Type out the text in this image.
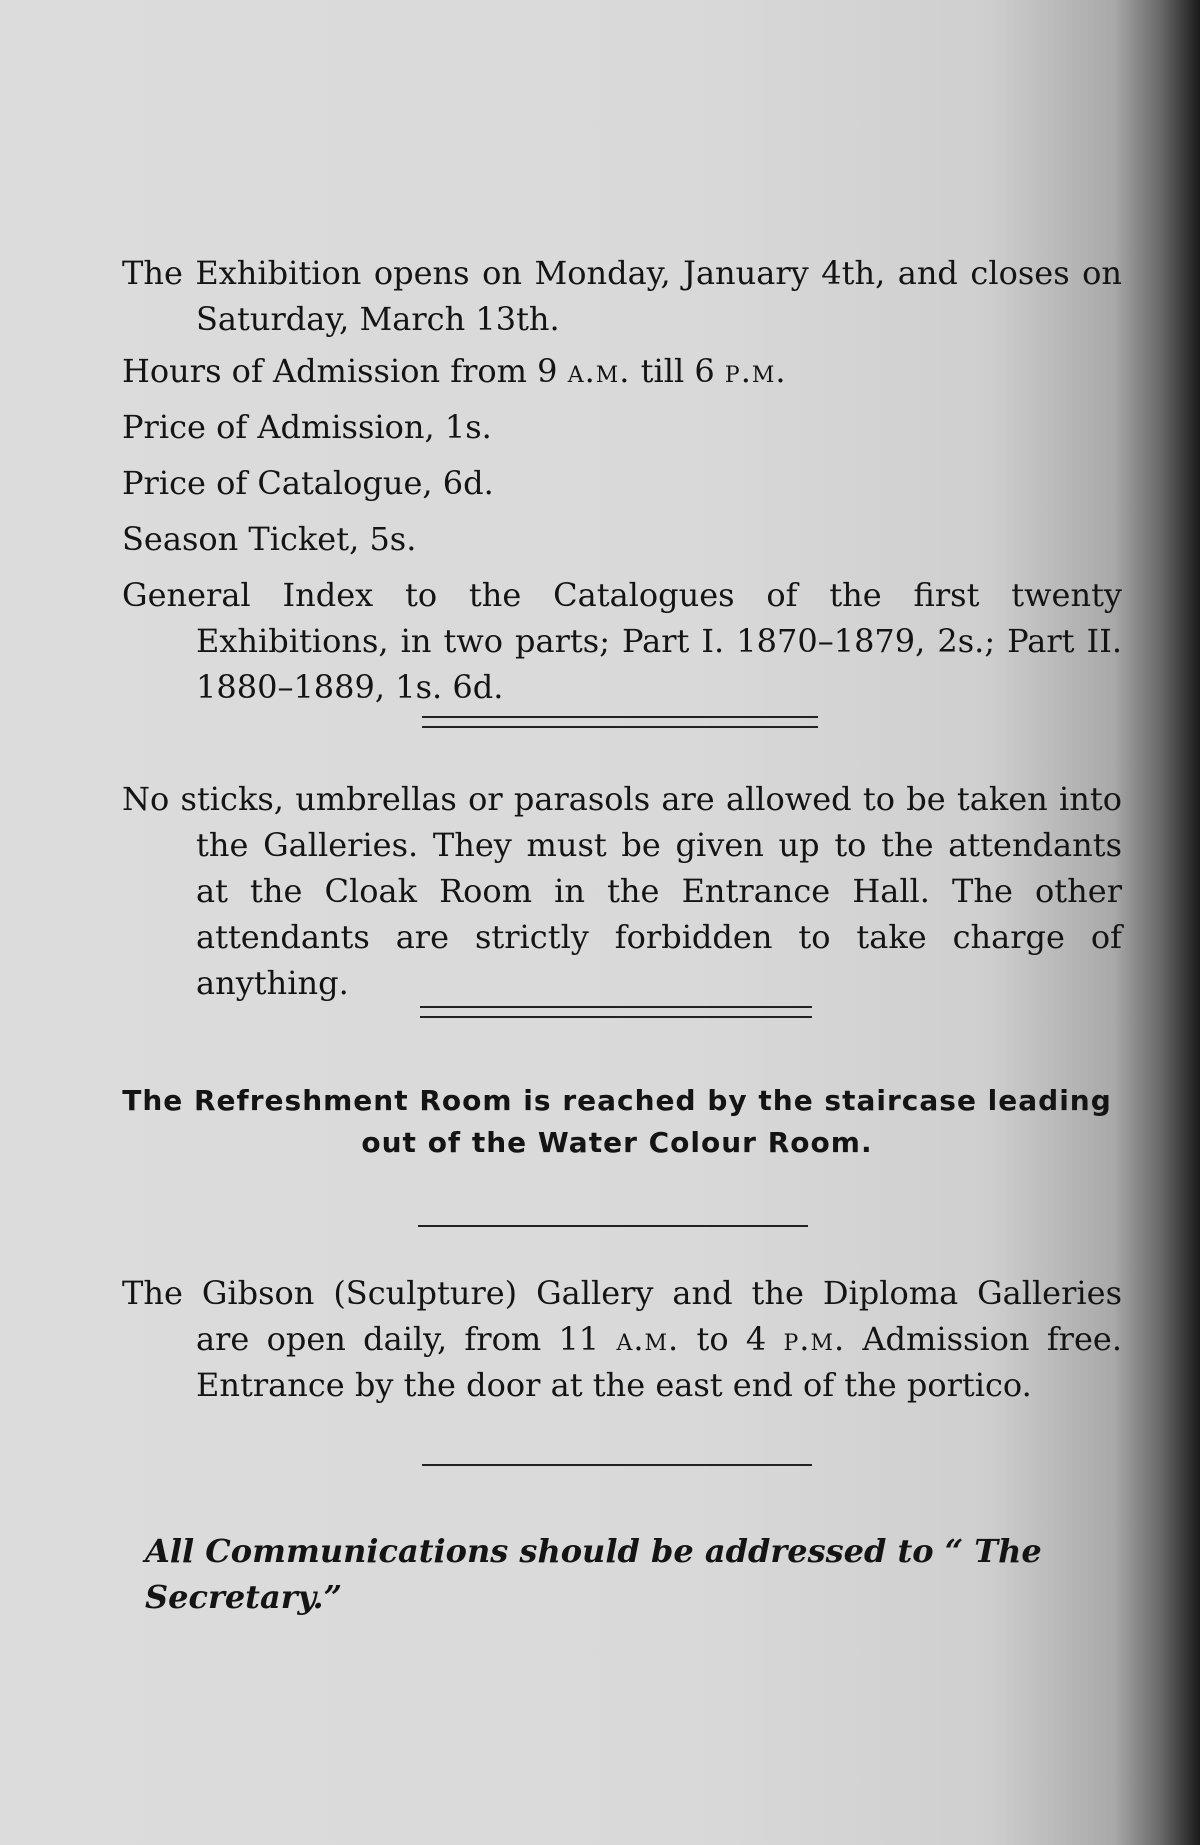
The Exhibition opens on Monday, January 4th, and closes on Saturday, March 13th.

Hours of Admission from 9 a.m. till 6 p.m.

Price of Admission, 1s.

Price of Catalogue, 6d.

Season Ticket, 5s.

General Index to the Catalogues of the first twenty Exhibitions, in two parts; Part I. 1870–1879, 2s.; Part II. 1880–1889, 1s. 6d.

No sticks, umbrellas or parasols are allowed to be taken into the Galleries. They must be given up to the attendants at the Cloak Room in the Entrance Hall. The other attendants are strictly forbidden to take charge of anything.

The Refreshment Room is reached by the staircase leading out of the Water Colour Room.

The Gibson (Sculpture) Gallery and the Diploma Galleries are open daily, from 11 a.m. to 4 p.m. Admission free. Entrance by the door at the east end of the portico.

All Communications should be addressed to “ The Secretary.”
